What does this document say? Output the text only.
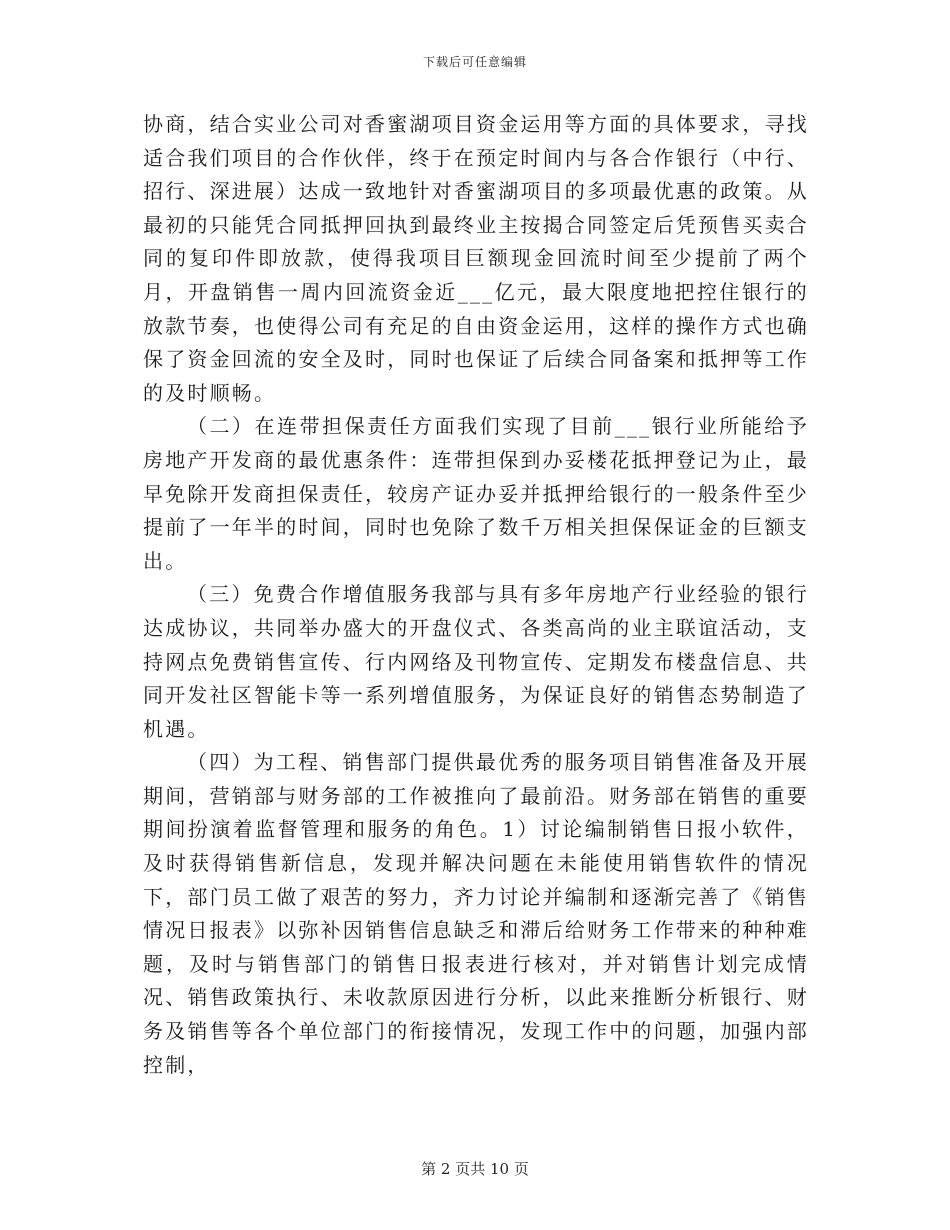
下载后可任意编辑

协商，结合实业公司对香蜜湖项目资金运用等方面的具体要求，寻找适合我们项目的合作伙伴，终于在预定时间内与各合作银行（中行、招行、深进展）达成一致地针对香蜜湖项目的多项最优惠的政策。从最初的只能凭合同抵押回执到最终业主按揭合同签定后凭预售买卖合同的复印件即放款，使得我项目巨额现金回流时间至少提前了两个月，开盘销售一周内回流资金近___亿元，最大限度地把控住银行的放款节奏，也使得公司有充足的自由资金运用，这样的操作方式也确保了资金回流的安全及时，同时也保证了后续合同备案和抵押等工作的及时顺畅。

（二）在连带担保责任方面我们实现了目前___银行业所能给予房地产开发商的最优惠条件：连带担保到办妥楼花抵押登记为止，最早免除开发商担保责任，较房产证办妥并抵押给银行的一般条件至少提前了一年半的时间，同时也免除了数千万相关担保保证金的巨额支出。

（三）免费合作增值服务我部与具有多年房地产行业经验的银行达成协议，共同举办盛大的开盘仪式、各类高尚的业主联谊活动，支持网点免费销售宣传、行内网络及刊物宣传、定期发布楼盘信息、共同开发社区智能卡等一系列增值服务，为保证良好的销售态势制造了机遇。

（四）为工程、销售部门提供最优秀的服务项目销售准备及开展期间，营销部与财务部的工作被推向了最前沿。财务部在销售的重要期间扮演着监督管理和服务的角色。1）讨论编制销售日报小软件，及时获得销售新信息，发现并解决问题在未能使用销售软件的情况下，部门员工做了艰苦的努力，齐力讨论并编制和逐渐完善了《销售情况日报表》以弥补因销售信息缺乏和滞后给财务工作带来的种种难题，及时与销售部门的销售日报表进行核对，并对销售计划完成情况、销售政策执行、未收款原因进行分析，以此来推断分析银行、财务及销售等各个单位部门的衔接情况，发现工作中的问题，加强内部控制，

第 2 页共 10 页
